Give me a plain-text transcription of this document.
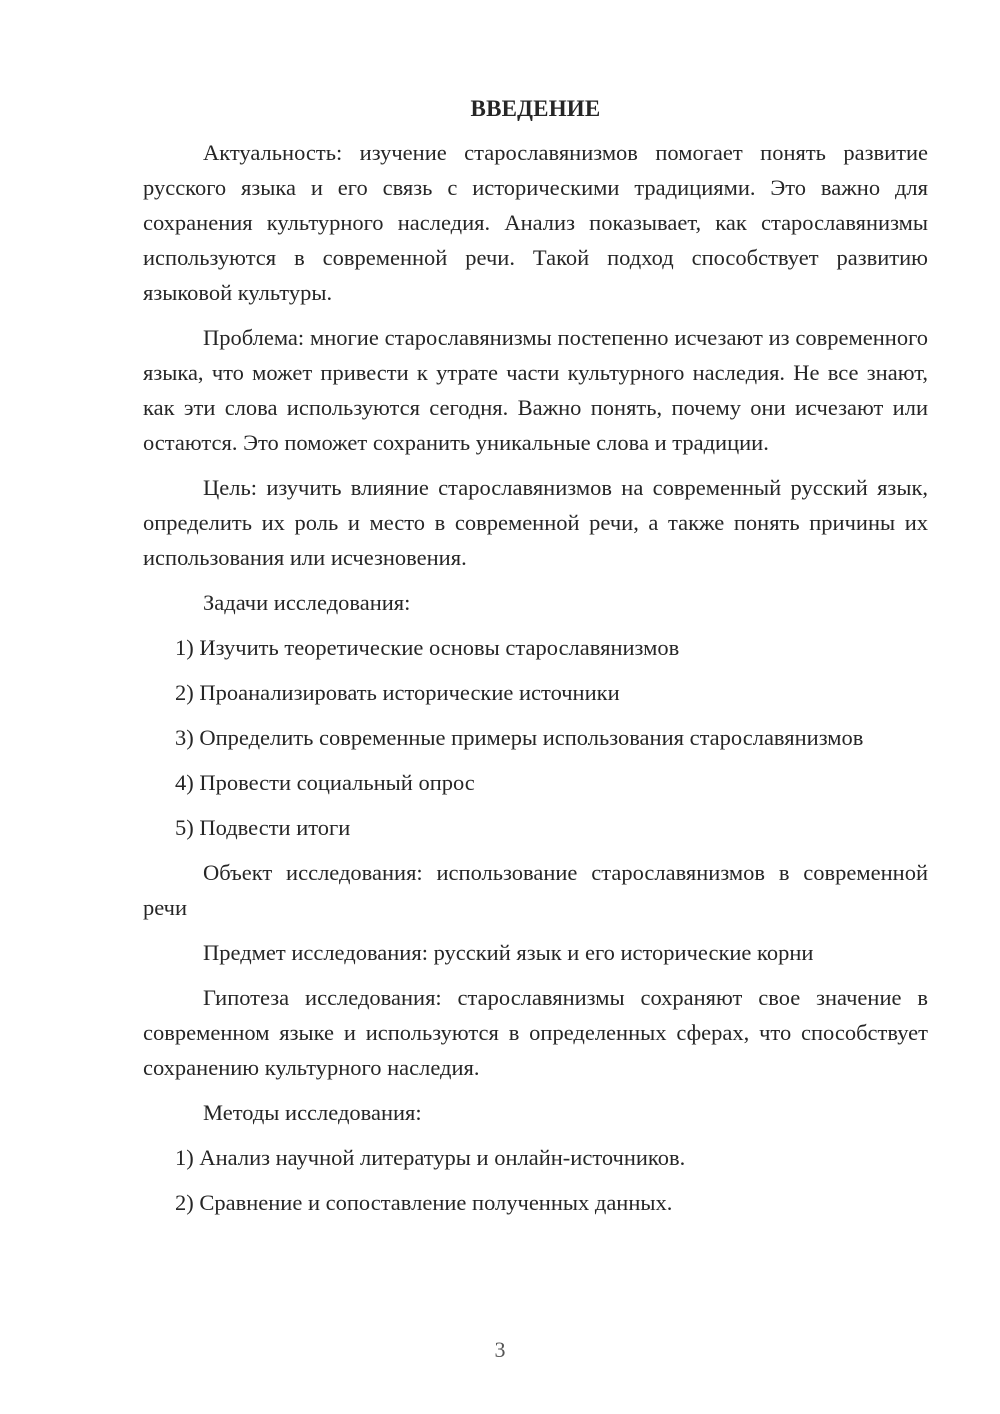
ВВЕДЕНИЕ

Актуальность: изучение старославянизмов помогает понять развитие русского языка и его связь с историческими традициями. Это важно для сохранения культурного наследия. Анализ показывает, как старославянизмы используются в современной речи. Такой подход способствует развитию языковой культуры.

Проблема: многие старославянизмы постепенно исчезают из современного языка, что может привести к утрате части культурного наследия. Не все знают, как эти слова используются сегодня. Важно понять, почему они исчезают или остаются. Это поможет сохранить уникальные слова и традиции.

Цель: изучить влияние старославянизмов на современный русский язык, определить их роль и место в современной речи, а также понять причины их использования или исчезновения.

Задачи исследования:

1) Изучить теоретические основы старославянизмов

2) Проанализировать исторические источники

3) Определить современные примеры использования старославянизмов

4) Провести социальный опрос

5) Подвести итоги

Объект исследования: использование старославянизмов в современной речи

Предмет исследования: русский язык и его исторические корни

Гипотеза исследования: старославянизмы сохраняют свое значение в современном языке и используются в определенных сферах, что способствует сохранению культурного наследия.

Методы исследования:

1) Анализ научной литературы и онлайн-источников.

2) Сравнение и сопоставление полученных данных.

3
